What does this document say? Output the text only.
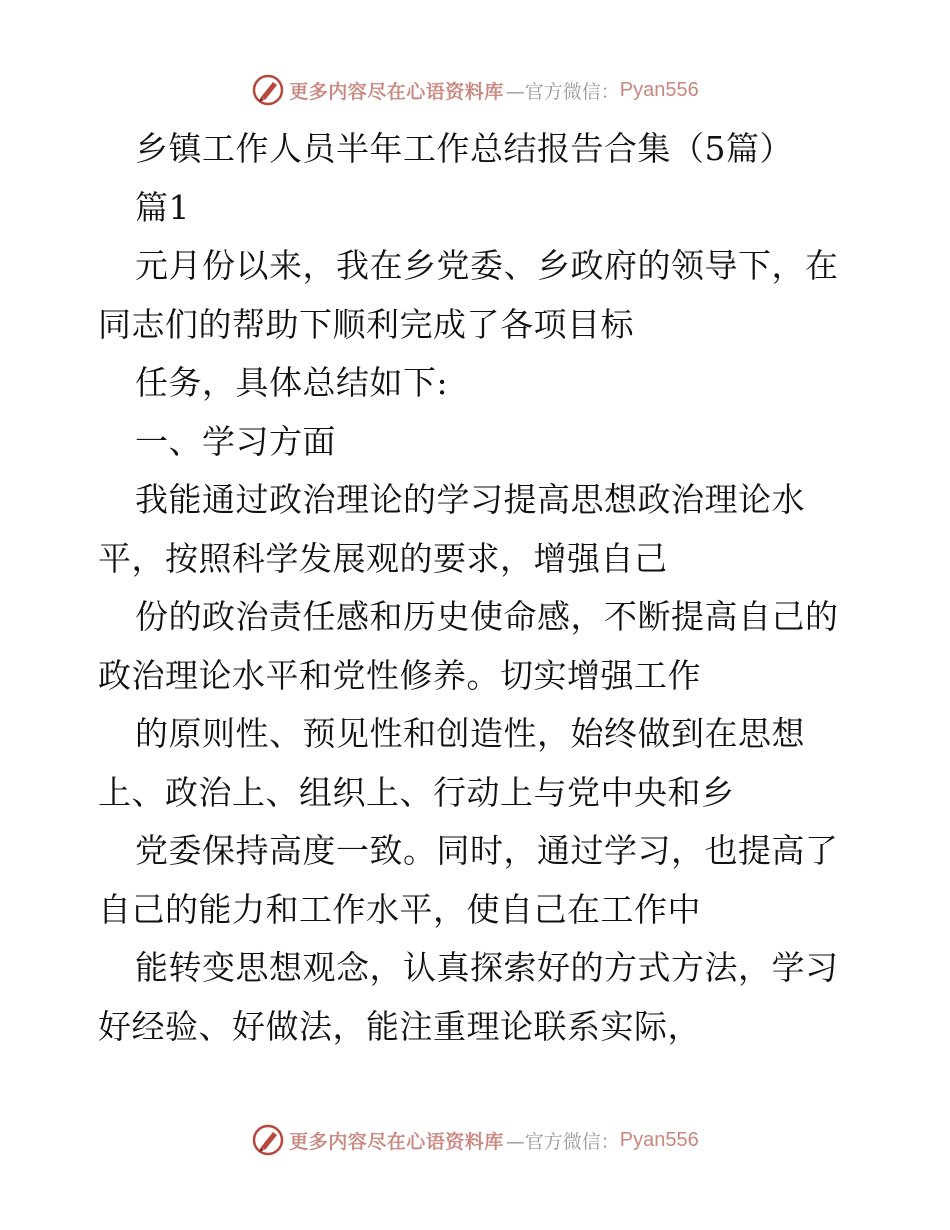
更多内容尽在心语资料库 —官方微信： Pyan556
乡镇工作人员半年工作总结报告合集（5篇）
篇1
元月份以来，我在乡党委、乡政府的领导下，在
同志们的帮助下顺利完成了各项目标
任务，具体总结如下:
一、学习方面
我能通过政治理论的学习提高思想政治理论水
平，按照科学发展观的要求，增强自己
份的政治责任感和历史使命感，不断提高自己的
政治理论水平和党性修养。切实增强工作
的原则性、预见性和创造性，始终做到在思想
上、政治上、组织上、行动上与党中央和乡
党委保持高度一致。同时，通过学习，也提高了
自己的能力和工作水平，使自己在工作中
能转变思想观念，认真探索好的方式方法，学习
好经验、好做法，能注重理论联系实际，
更多内容尽在心语资料库 —官方微信： Pyan556
